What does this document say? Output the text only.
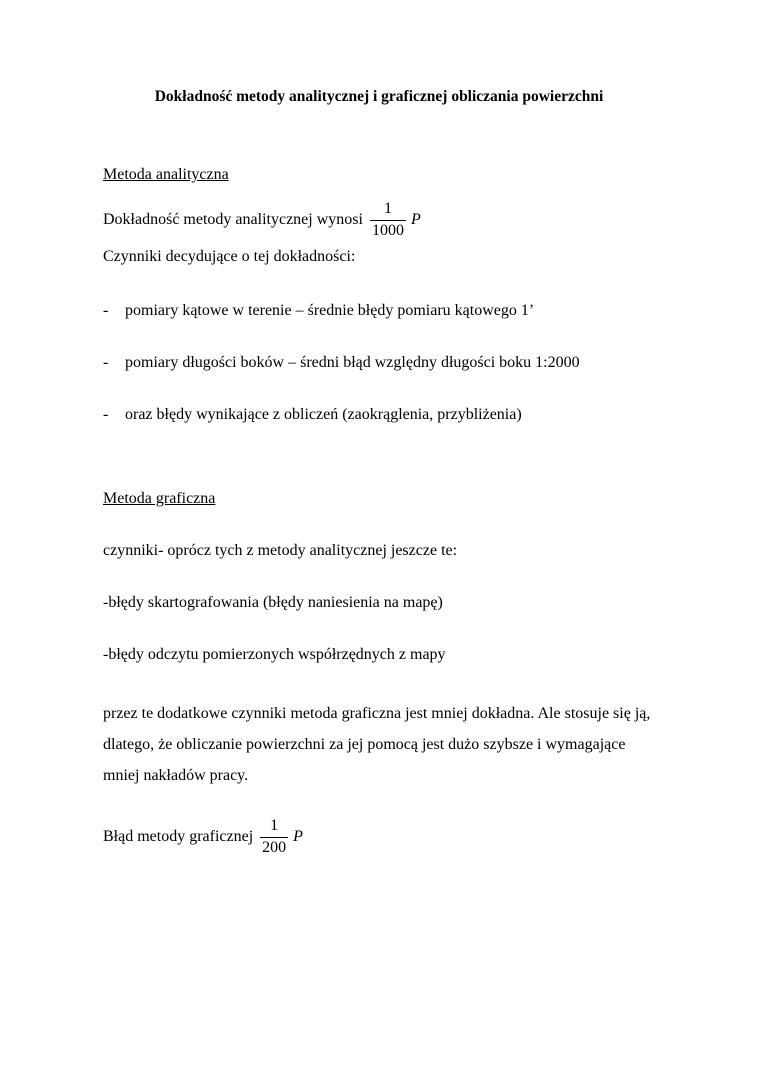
Dokładność metody analitycznej i graficznej obliczania powierzchni
Metoda analityczna
Dokładność metody analitycznej wynosi $\frac{1}{1000}$ P
Czynniki decydujące o tej dokładności:
-	pomiary kątowe w terenie – średnie błędy pomiaru kątowego 1’
-	pomiary długości boków – średni błąd względny długości boku 1:2000
-	oraz błędy wynikające z obliczeń (zaokrąglenia, przybliżenia)
Metoda graficzna
czynniki- oprócz tych z metody analitycznej jeszcze te:
-błędy skartografowania (błędy naniesienia na mapę)
-błędy odczytu pomierzonych współrzędnych z mapy
przez te dodatkowe czynniki metoda graficzna jest mniej dokładna. Ale stosuje się ją, dlatego, że obliczanie powierzchni za jej pomocą jest dużo szybsze i wymagające mniej nakładów pracy.
Błąd metody graficznej $\frac{1}{200}$ P
